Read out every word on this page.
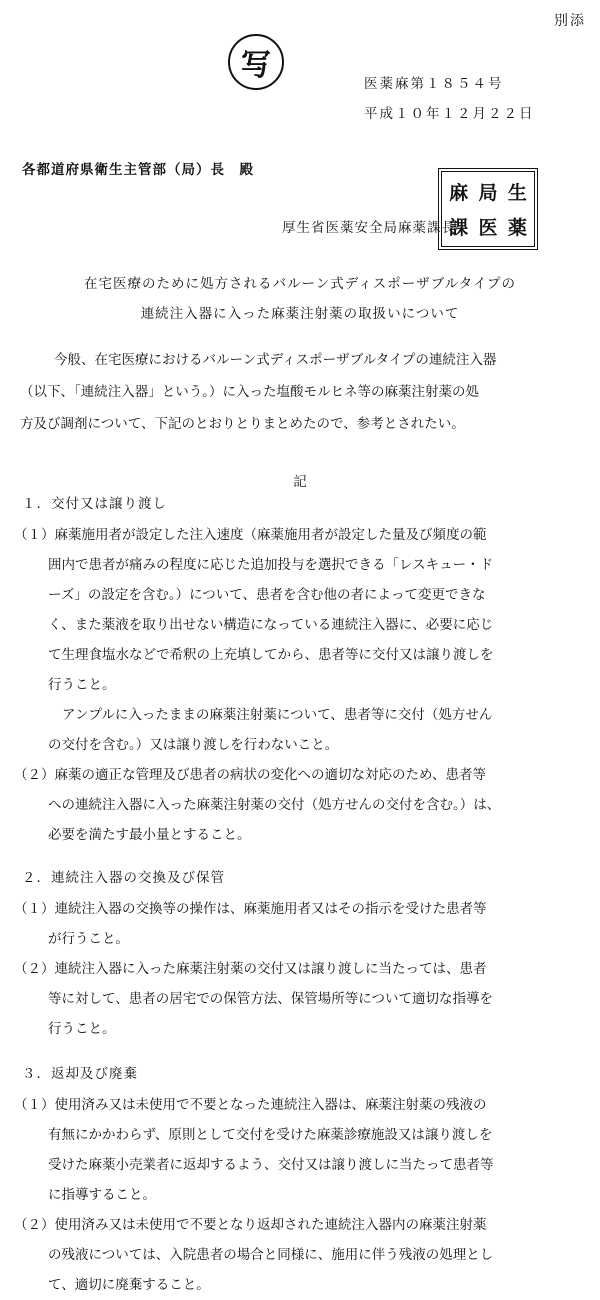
別添
写
医薬麻第１８５４号
平成１０年１２月２２日
各都道府県衛生主管部（局）長　殿
厚生省医薬安全局麻薬課長
麻 局 生
課 医 薬
在宅医療のために処方されるバルーン式ディスポーザブルタイプの
連続注入器に入った麻薬注射薬の取扱いについて
今般、在宅医療におけるバルーン式ディスポーザブルタイプの連続注入器
（以下、「連続注入器」という。）に入った塩酸モルヒネ等の麻薬注射薬の処
方及び調剤について、下記のとおりとりまとめたので、参考とされたい。
記
１．交付又は譲り渡し
（１）麻薬施用者が設定した注入速度（麻薬施用者が設定した量及び頻度の範
囲内で患者が痛みの程度に応じた追加投与を選択できる「レスキュー・ド
ーズ」の設定を含む。）について、患者を含む他の者によって変更できな
く、また薬液を取り出せない構造になっている連続注入器に、必要に応じ
て生理食塩水などで希釈の上充填してから、患者等に交付又は譲り渡しを
行うこと。
アンプルに入ったままの麻薬注射薬について、患者等に交付（処方せん
の交付を含む。）又は譲り渡しを行わないこと。
（２）麻薬の適正な管理及び患者の病状の変化への適切な対応のため、患者等
への連続注入器に入った麻薬注射薬の交付（処方せんの交付を含む。）は、
必要を満たす最小量とすること。
２．連続注入器の交換及び保管
（１）連続注入器の交換等の操作は、麻薬施用者又はその指示を受けた患者等
が行うこと。
（２）連続注入器に入った麻薬注射薬の交付又は譲り渡しに当たっては、患者
等に対して、患者の居宅での保管方法、保管場所等について適切な指導を
行うこと。
３．返却及び廃棄
（１）使用済み又は未使用で不要となった連続注入器は、麻薬注射薬の残液の
有無にかかわらず、原則として交付を受けた麻薬診療施設又は譲り渡しを
受けた麻薬小売業者に返却するよう、交付又は譲り渡しに当たって患者等
に指導すること。
（２）使用済み又は未使用で不要となり返却された連続注入器内の麻薬注射薬
の残液については、入院患者の場合と同様に、施用に伴う残液の処理とし
て、適切に廃棄すること。
